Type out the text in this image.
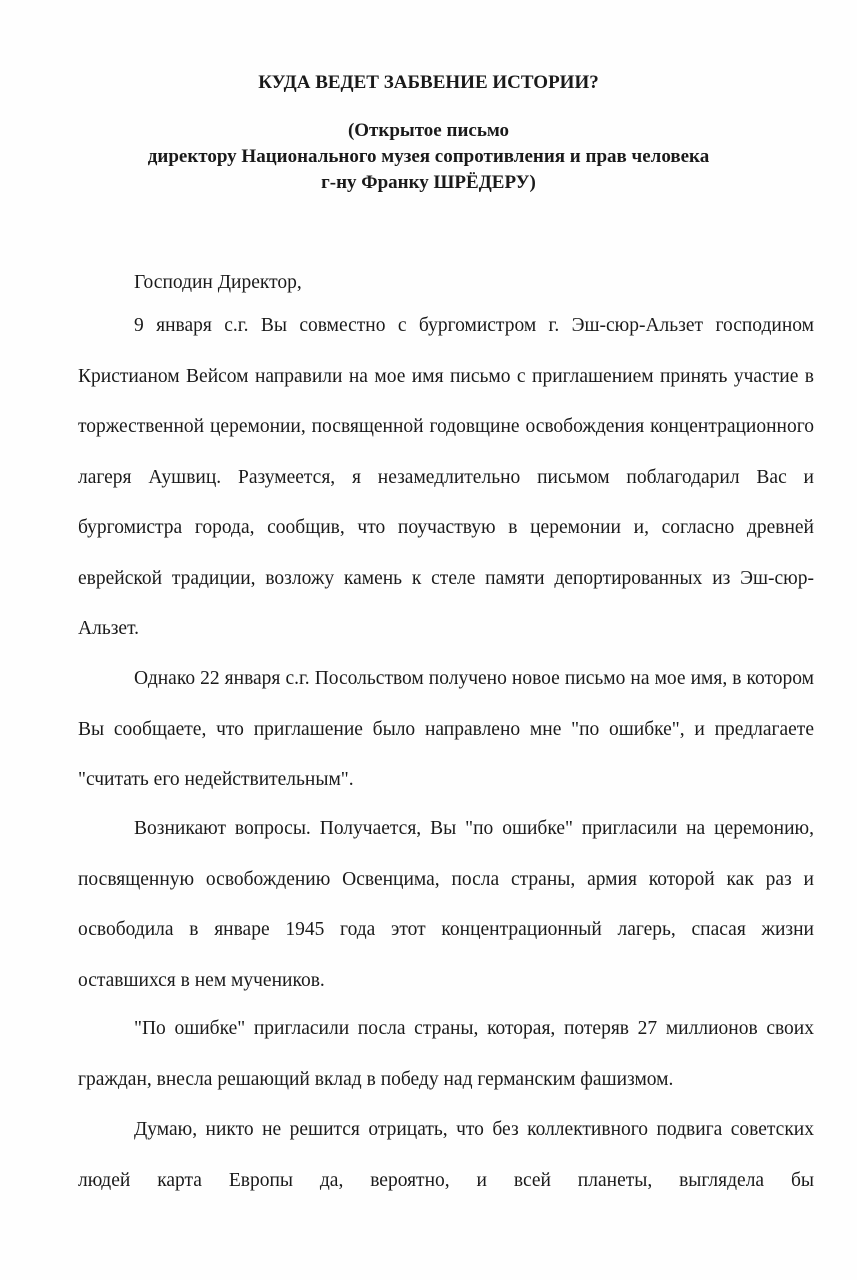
КУДА ВЕДЕТ ЗАБВЕНИЕ ИСТОРИИ?
(Открытое письмо
директору Национального музея сопротивления и прав человека
г-ну Франку ШРЁДЕРУ)
Господин Директор,

9 января с.г. Вы совместно с бургомистром г. Эш-сюр-Альзет господином Кристианом Вейсом направили на мое имя письмо с приглашением принять участие в торжественной церемонии, посвященной годовщине освобождения концентрационного лагеря Аушвиц. Разумеется, я незамедлительно письмом поблагодарил Вас и бургомистра города, сообщив, что поучаствую в церемонии и, согласно древней еврейской традиции, возложу камень к стеле памяти депортированных из Эш-сюр-Альзет.

Однако 22 января с.г. Посольством получено новое письмо на мое имя, в котором Вы сообщаете, что приглашение было направлено мне "по ошибке", и предлагаете "считать его недействительным".

Возникают вопросы. Получается, Вы "по ошибке" пригласили на церемонию, посвященную освобождению Освенцима, посла страны, армия которой как раз и освободила в январе 1945 года этот концентрационный лагерь, спасая жизни оставшихся в нем мучеников.

"По ошибке" пригласили посла страны, которая, потеряв 27 миллионов своих граждан, внесла решающий вклад в победу над германским фашизмом.

Думаю, никто не решится отрицать, что без коллективного подвига советских людей карта Европы да, вероятно, и всей планеты, выглядела бы
